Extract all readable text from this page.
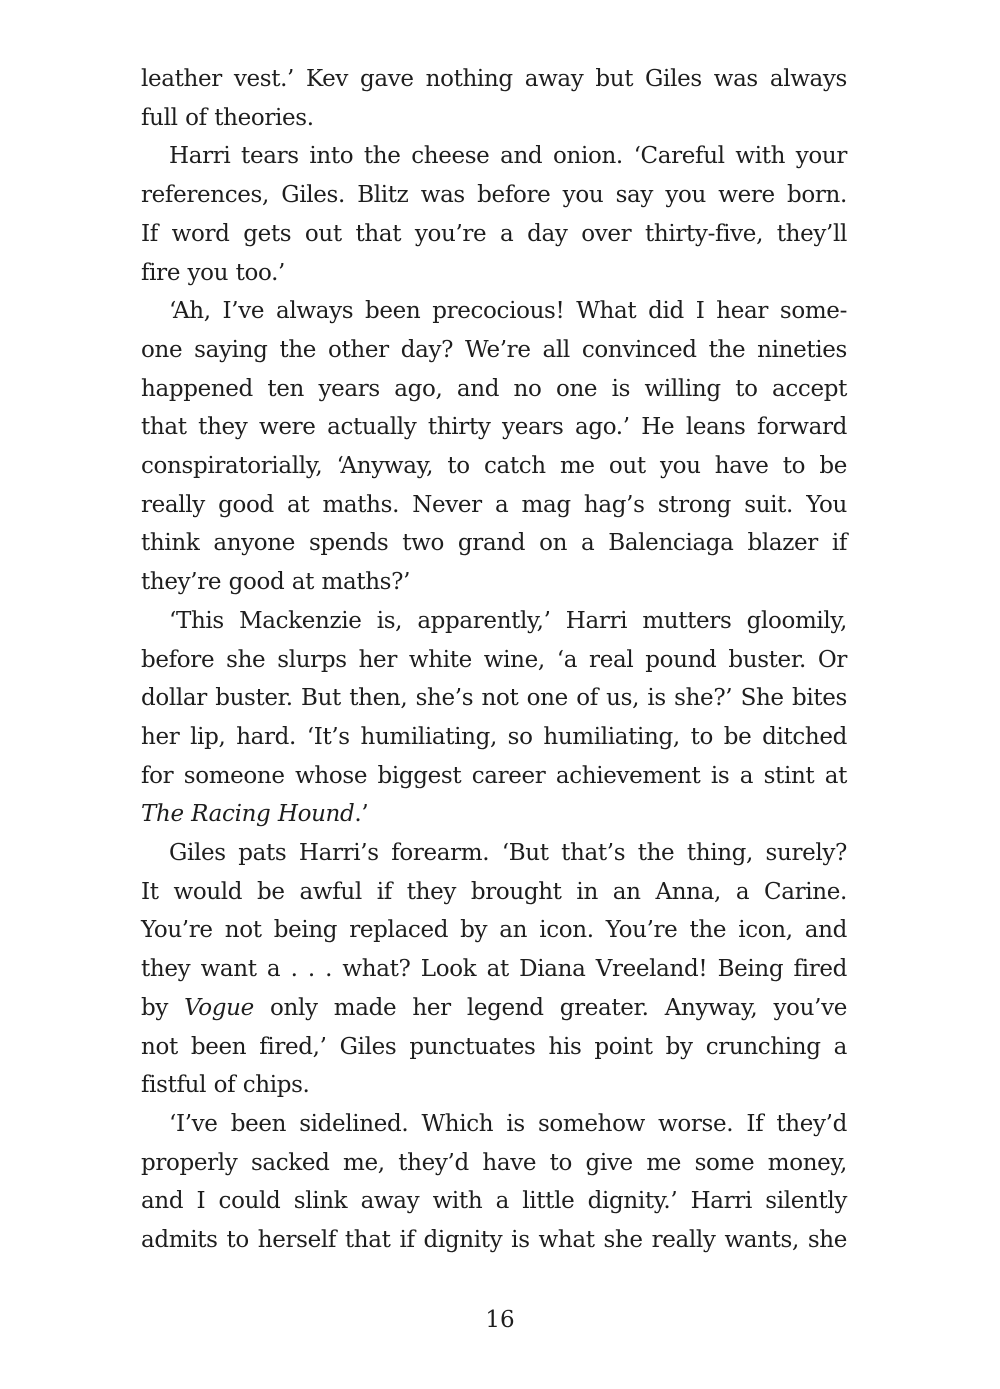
leather vest.’ Kev gave nothing away but Giles was always
full of theories.

Harri tears into the cheese and onion. ‘Careful with your
references, Giles. Blitz was before you say you were born.
If word gets out that you’re a day over thirty-five, they’ll
fire you too.’

‘Ah, I’ve always been precocious! What did I hear some-
one saying the other day? We’re all convinced the nineties
happened ten years ago, and no one is willing to accept
that they were actually thirty years ago.’ He leans forward
conspiratorially, ‘Anyway, to catch me out you have to be
really good at maths. Never a mag hag’s strong suit. You
think anyone spends two grand on a Balenciaga blazer if
they’re good at maths?’

‘This Mackenzie is, apparently,’ Harri mutters gloomily,
before she slurps her white wine, ‘a real pound buster. Or
dollar buster. But then, she’s not one of us, is she?’ She bites
her lip, hard. ‘It’s humiliating, so humiliating, to be ditched
for someone whose biggest career achievement is a stint at
The Racing Hound.’

Giles pats Harri’s forearm. ‘But that’s the thing, surely?
It would be awful if they brought in an Anna, a Carine.
You’re not being replaced by an icon. You’re the icon, and
they want a . . . what? Look at Diana Vreeland! Being fired
by Vogue only made her legend greater. Anyway, you’ve
not been fired,’ Giles punctuates his point by crunching a
fistful of chips.

‘I’ve been sidelined. Which is somehow worse. If they’d
properly sacked me, they’d have to give me some money,
and I could slink away with a little dignity.’ Harri silently
admits to herself that if dignity is what she really wants, she

16
